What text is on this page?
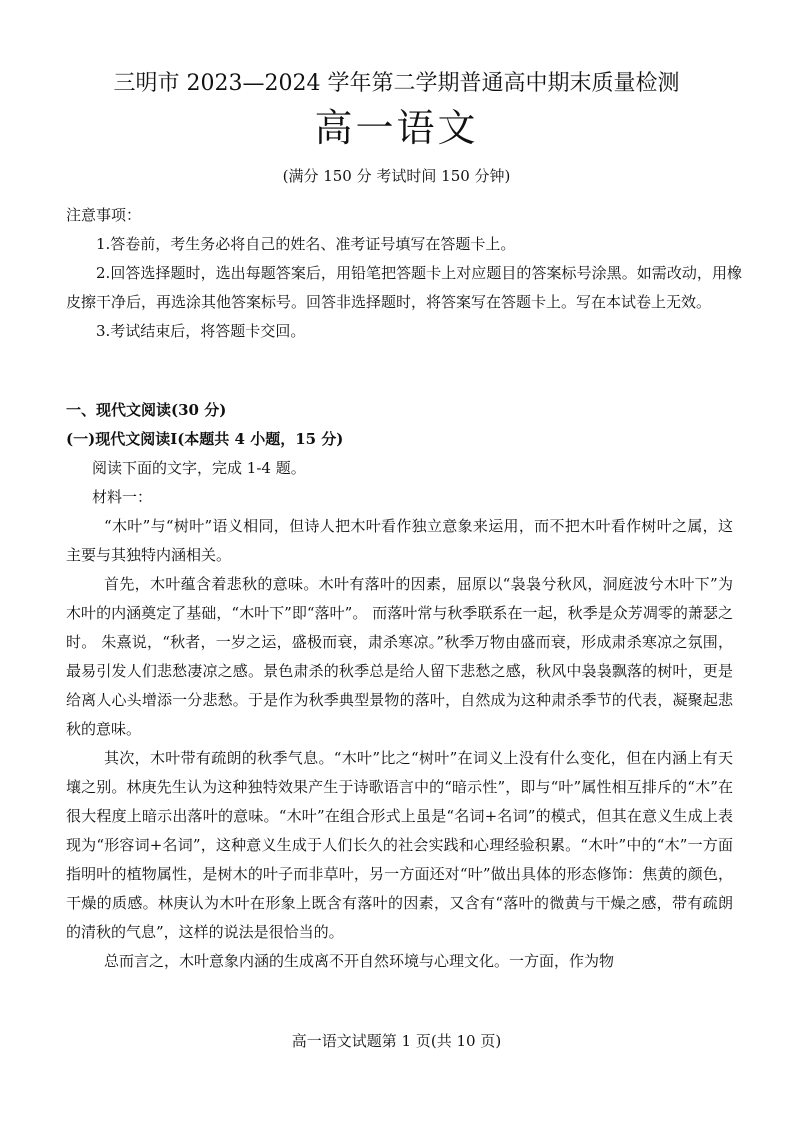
三明市 2023—2024 学年第二学期普通高中期末质量检测
高一语文
(满分 150 分 考试时间 150 分钟)

注意事项：

1.答卷前，考生务必将自己的姓名、准考证号填写在答题卡上。

2.回答选择题时，选出每题答案后，用铅笔把答题卡上对应题目的答案标号涂黑。如需改动，用橡皮擦干净后，再选涂其他答案标号。回答非选择题时，将答案写在答题卡上。写在本试卷上无效。

3.考试结束后，将答题卡交回。

一、现代文阅读(30 分)

(一)现代文阅读Ⅰ(本题共 4 小题，15 分)

阅读下面的文字，完成 1-4 题。

材料一：

“木叶”与“树叶”语义相同，但诗人把木叶看作独立意象来运用，而不把木叶看作树叶之属，这主要与其独特内涵相关。

首先，木叶蕴含着悲秋的意味。木叶有落叶的因素，屈原以“袅袅兮秋风，洞庭波兮木叶下”为木叶的内涵奠定了基础，“木叶下”即“落叶”。 而落叶常与秋季联系在一起，秋季是众芳凋零的萧瑟之时。 朱熹说，“秋者，一岁之运，盛极而衰，肃杀寒凉。”秋季万物由盛而衰，形成肃杀寒凉之氛围，最易引发人们悲愁凄凉之感。景色肃杀的秋季总是给人留下悲愁之感，秋风中袅袅飘落的树叶，更是给离人心头增添一分悲愁。于是作为秋季典型景物的落叶，自然成为这种肃杀季节的代表，凝聚起悲秋的意味。

其次，木叶带有疏朗的秋季气息。“木叶”比之“树叶”在词义上没有什么变化，但在内涵上有天壤之别。林庚先生认为这种独特效果产生于诗歌语言中的“暗示性”，即与“叶”属性相互排斥的“木”在很大程度上暗示出落叶的意味。“木叶”在组合形式上虽是“名词+名词”的模式，但其在意义生成上表现为“形容词+名词”，这种意义生成于人们长久的社会实践和心理经验积累。“木叶”中的“木”一方面指明叶的植物属性，是树木的叶子而非草叶，另一方面还对“叶”做出具体的形态修饰：焦黄的颜色，干燥的质感。林庚认为木叶在形象上既含有落叶的因素，又含有“落叶的微黄与干燥之感，带有疏朗的清秋的气息”，这样的说法是很恰当的。

总而言之，木叶意象内涵的生成离不开自然环境与心理文化。一方面，作为物

高一语文试题第 1 页(共 10 页)
